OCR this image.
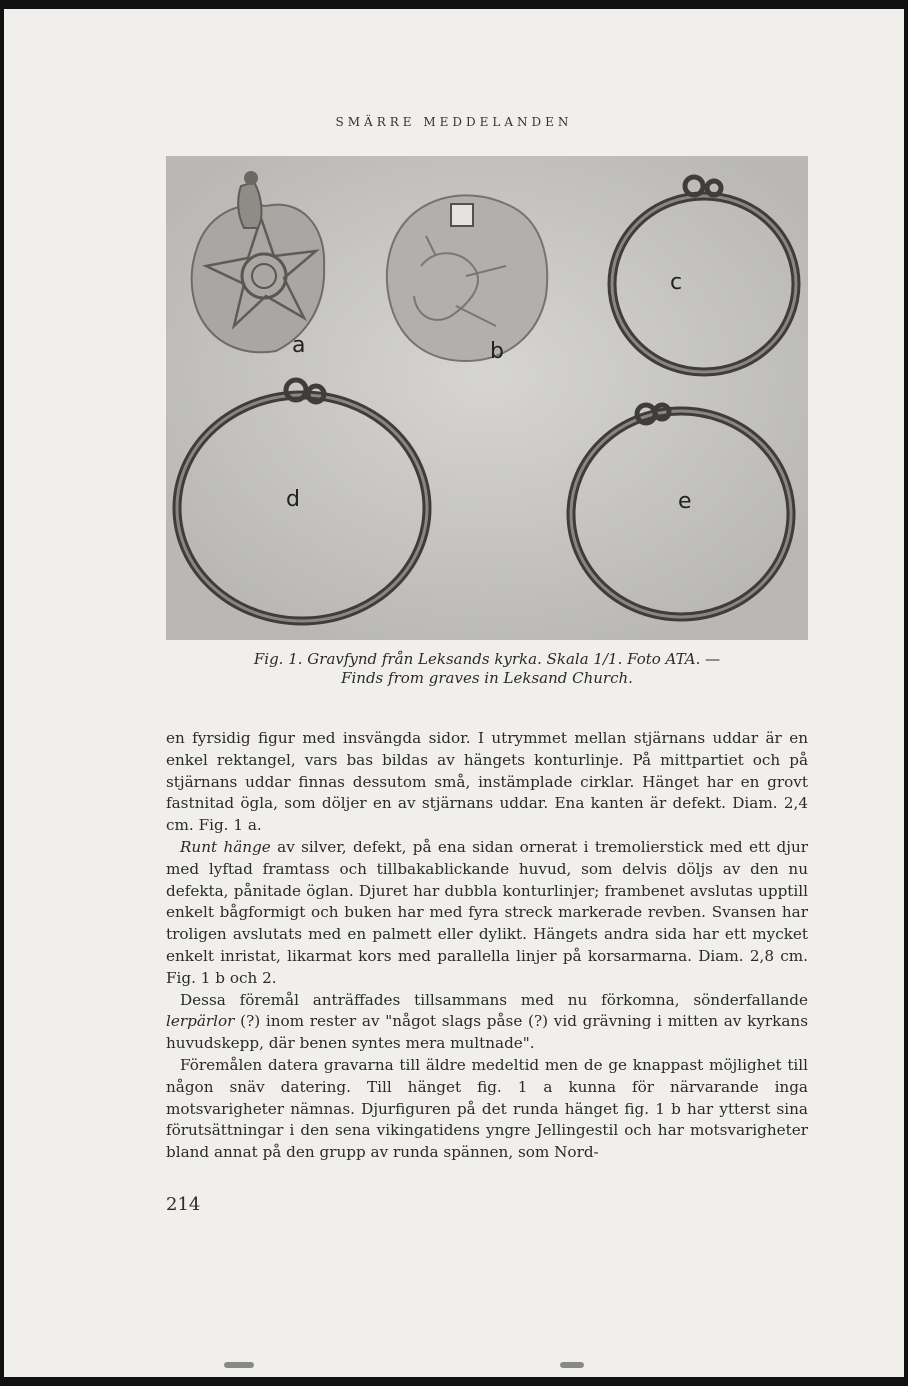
SMÄRRE MEDDELANDEN
a	b
c
d	e
Fig. 1. Gravfynd från Leksands kyrka. Skala 1/1. Foto ATA. —
Finds from graves in Leksand Church.

en fyrsidig figur med insvängda sidor. I utrymmet mellan stjärnans uddar är en enkel rektangel, vars bas bildas av hängets konturlinje. På mittpartiet och på stjärnans uddar finnas dessutom små, instämplade cirklar. Hänget har en grovt fastnitad ögla, som döljer en av stjärnans uddar. Ena kanten är defekt. Diam. 2,4 cm. Fig. 1 a.

Runt hänge av silver, defekt, på ena sidan ornerat i tremolierstick med ett djur med lyftad framtass och tillbakablickande huvud, som delvis döljs av den nu defekta, pånitade öglan. Djuret har dubbla konturlinjer; frambenet avslutas upptill enkelt bågformigt och buken har med fyra streck markerade revben. Svansen har troligen avslutats med en palmett eller dylikt. Hängets andra sida har ett mycket enkelt inristat, likarmat kors med parallella linjer på korsarmarna. Diam. 2,8 cm. Fig. 1 b och 2.

Dessa föremål anträffades tillsammans med nu förkomna, sönderfallande lerpärlor (?) inom rester av "något slags påse (?) vid grävning i mitten av kyrkans huvudskepp, där benen syntes mera multnade".

Föremålen datera gravarna till äldre medeltid men de ge knappast möjlighet till någon snäv datering. Till hänget fig. 1 a kunna för närvarande inga motsvarigheter nämnas. Djurfiguren på det runda hänget fig. 1 b har ytterst sina förutsättningar i den sena vikingatidens yngre Jellingestil och har motsvarigheter bland annat på den grupp av runda spännen, som Nord-

214
